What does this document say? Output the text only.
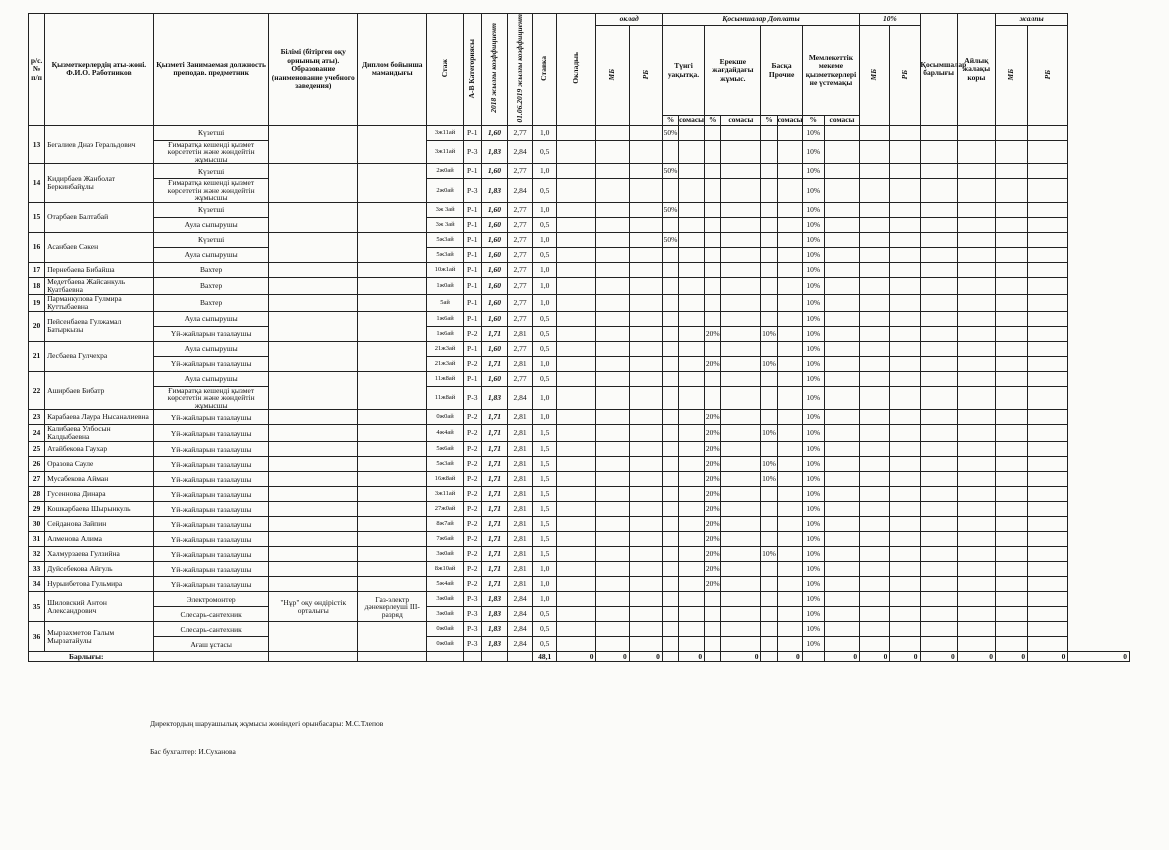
р/с. № п/п	Қызметкерлердің аты-жөні. Ф.И.О. Работников	Қызметі Занимаемая должность преподав. предметник	Білімі (бітірген оқу орнының аты). Образование (наименование учебного заведения)	Диплом бойынша мамандығы	Стаж	А-В Категориясы	2018 жылғы коэффициент	01.06.2019 жылғы коэффициент	Ставка	Окладыь	оклад		Қосымшалар Доплаты								10%		Қосымшалар барлығы	Айлық жалақы коры	жалпы		
											МБ	РБ	Түнгі уақытқа.		Ерекше жағдайдағы жұмыс.		Басқа Прочие		Мемлекеттік мекеме қызметкерлері не үстемақы		МБ	РБ			МБ	РБ	
													%	сомасы	%	сомасы	%	сомасы	%	сомасы							
13	Бегалиев Днаэ Геральдович	Күзетші			3ж11ай	Р-1	1,60	2,77	1,0				50%						10%								
		Ғимаратқа кешенді қызмет көрсететін және жөндейтін жұмысшы			3ж11ай	Р-3	1,83	2,84	0,5										10%								
14	Кидирбаев Жанболат Беркинбайұлы	Күзетші			2ж0ай	Р-1	1,60	2,77	1,0				50%						10%								
		Ғимаратқа кешенді қызмет көрсететін және жөндейтін жұмысшы			2ж0ай	Р-3	1,83	2,84	0,5										10%								
15	Отарбаев Балтабай	Күзетші			3ж 3ай	Р-1	1,60	2,77	1,0				50%						10%								
		Аула сыпырушы			3ж 3ай	Р-1	1,60	2,77	0,5										10%								
16	Асанбаев Сәкен	Күзетші			5ж3ай	Р-1	1,60	2,77	1,0				50%						10%								
		Аула сыпырушы			5ж3ай	Р-1	1,60	2,77	0,5										10%								
17	Пернебаева Бибайша	Вахтер			10ж1ай	Р-1	1,60	2,77	1,0										10%								
18	Медетбаева Жайсанкуль Куатбаевна	Вахтер			1ж0ай	Р-1	1,60	2,77	1,0										10%								
19	Парманкулова Гулмира Куттыбаевна	Вахтер			5ай	Р-1	1,60	2,77	1,0										10%								
20	Пейсенбаева Гулжамал Батыркызы	Аула сыпырушы			1ж6ай	Р-1	1,60	2,77	0,5										10%								
		Үй-жайларын тазалаушы			1ж6ай	Р-2	1,71	2,81	0,5						20%		10%		10%								
21	Лесбаева Гулчехра	Аула сыпырушы			21ж3ай	Р-1	1,60	2,77	0,5										10%								
		Үй-жайларын тазалаушы			21ж3ай	Р-2	1,71	2,81	1,0						20%		10%		10%								
22	Аширбаев Бибатр	Аула сыпырушы			11ж8ай	Р-1	1,60	2,77	0,5										10%								
		Ғимаратқа кешенді қызмет көрсететін және жөндейтін жұмысшы			11ж8ай	Р-3	1,83	2,84	1,0										10%								
23	Карабаева Лаура Нысаналиевна	Үй-жайларын тазалаушы			0ж0ай	Р-2	1,71	2,81	1,0						20%				10%								
24	Калибаева Улбосын Калдыбаевна	Үй-жайларын тазалаушы			4ж4ай	Р-2	1,71	2,81	1,5						20%		10%		10%								
25	Атайбекова Гаухар	Үй-жайларын тазалаушы			5ж6ай	Р-2	1,71	2,81	1,5						20%				10%								
26	Оразова Сауле	Үй-жайларын тазалаушы			5ж3ай	Р-2	1,71	2,81	1,5						20%		10%		10%								
27	Мусабекова Айман	Үй-жайларын тазалаушы			16ж8ай	Р-2	1,71	2,81	1,5						20%		10%		10%								
28	Гусеннова Динара	Үй-жайларын тазалаушы			3ж11ай	Р-2	1,71	2,81	1,5						20%				10%								
29	Кошкарбаева Шырынкуль	Үй-жайларын тазалаушы			27ж0ай	Р-2	1,71	2,81	1,5						20%				10%								
30	Сейданова Зайпин	Үй-жайларын тазалаушы			8ж7ай	Р-2	1,71	2,81	1,5						20%				10%								
31	Алменова Алима	Үй-жайларын тазалаушы			7ж6ай	Р-2	1,71	2,81	1,5						20%				10%								
32	Халмурзаева Гулзийна	Үй-жайларын тазалаушы			3ж0ай	Р-2	1,71	2,81	1,5						20%		10%		10%								
33	Дуйсебекова Айгуль	Үй-жайларын тазалаушы			8ж10ай	Р-2	1,71	2,81	1,0						20%				10%								
34	Нурыибетова Гульмира	Үй-жайларын тазалаушы			5ж4ай	Р-2	1,71	2,81	1,0						20%				10%								
35	Шиловский Антон Александрович	Электромонтер	"Нұр" оқу өндірістік орталығы	Газ-электр дәнекерлеуші III-разряд	3ж0ай	Р-3	1,83	2,84	1,0										10%								
		Слесарь-сантехник			3ж0ай	Р-3	1,83	2,84	0,5										10%								
36	Мырзахметов Галым Мырзатайулы	Слесарь-сантехник			0ж0ай	Р-3	1,83	2,84	0,5										10%								
		Ағаш ұстасы			0ж0ай	Р-3	1,83	2,84	0,5										10%								
Барлығы:									48,1	0	0	0		0		0		0		0	0	0	0	0	0	0	0
Директордың шаруашылық жұмысы жөніндегі орынбасары: М.С.Тлепов
Бас бухгалтер: И.Суханова
